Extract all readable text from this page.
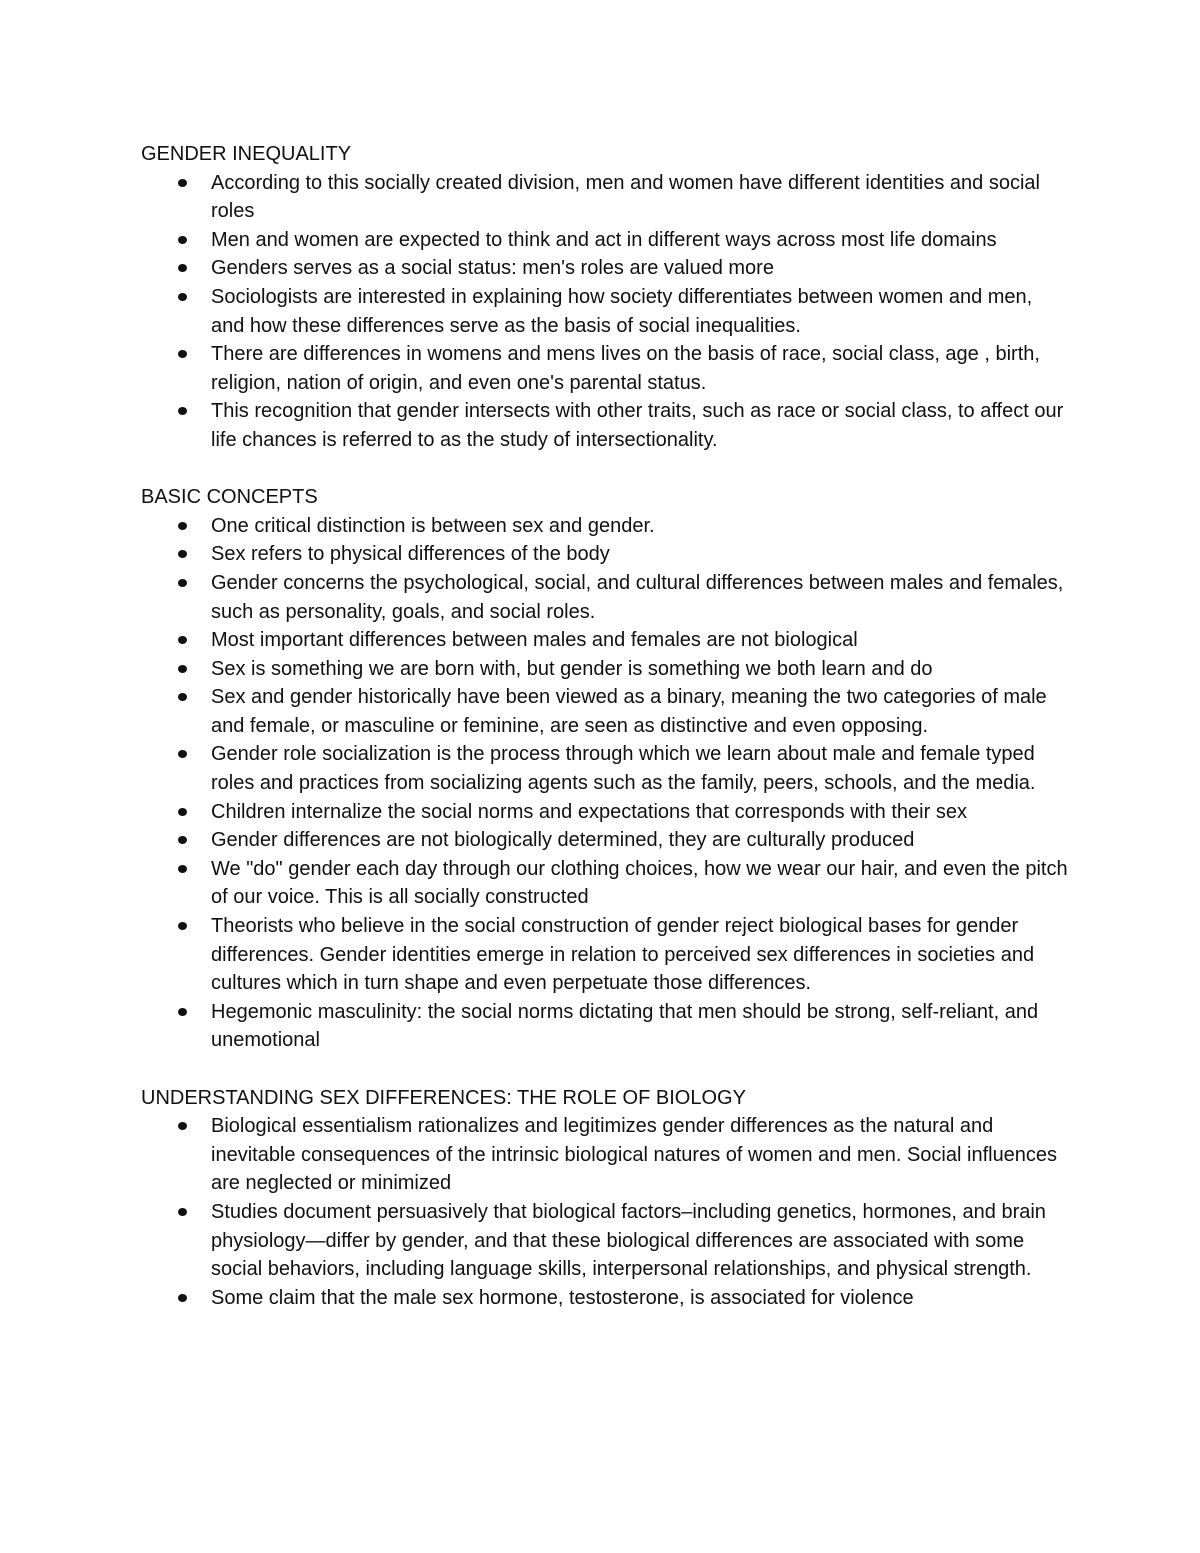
GENDER INEQUALITY
According to this socially created division, men and women have different identities and social roles
Men and women are expected to think and act in different ways across most life domains
Genders serves as a social status: men's roles are valued more
Sociologists are interested in explaining how society differentiates between women and men, and how these differences serve as the basis of social inequalities.
There are differences in womens and mens lives on the basis of race, social class, age , birth, religion, nation of origin, and even one's parental status.
This recognition that gender intersects with other traits, such as race or social class, to affect our life chances is referred to as the study of intersectionality.
BASIC CONCEPTS
One critical distinction is between sex and gender.
Sex refers to physical differences of the body
Gender concerns the psychological, social, and cultural differences between males and females, such as personality, goals, and social roles.
Most important differences between males and females are not biological
Sex is something we are born with, but gender is something we both learn and do
Sex and gender historically have been viewed as a binary, meaning the two categories of male and female, or masculine or feminine, are seen as distinctive and even opposing.
Gender role socialization is the process through which we learn about male and female typed roles and practices from socializing agents such as the family, peers, schools, and the media.
Children internalize the social norms and expectations that corresponds with their sex
Gender differences are not biologically determined, they are culturally produced
We "do" gender each day through our clothing choices, how we wear our hair, and even the pitch of our voice. This is all socially constructed
Theorists who believe in the social construction of gender reject biological bases for gender differences. Gender identities emerge in relation to perceived sex differences in societies and cultures which in turn shape and even perpetuate those differences.
Hegemonic masculinity: the social norms dictating that men should be strong, self-reliant, and unemotional
UNDERSTANDING SEX DIFFERENCES: THE ROLE OF BIOLOGY
Biological essentialism rationalizes and legitimizes gender differences as the natural and inevitable consequences of the intrinsic biological natures of women and men. Social influences are neglected or minimized
Studies document persuasively that biological factors–including genetics, hormones, and brain physiology—differ by gender, and that these biological differences are associated with some social behaviors, including language skills, interpersonal relationships, and physical strength.
Some claim that the male sex hormone, testosterone, is associated for violence
